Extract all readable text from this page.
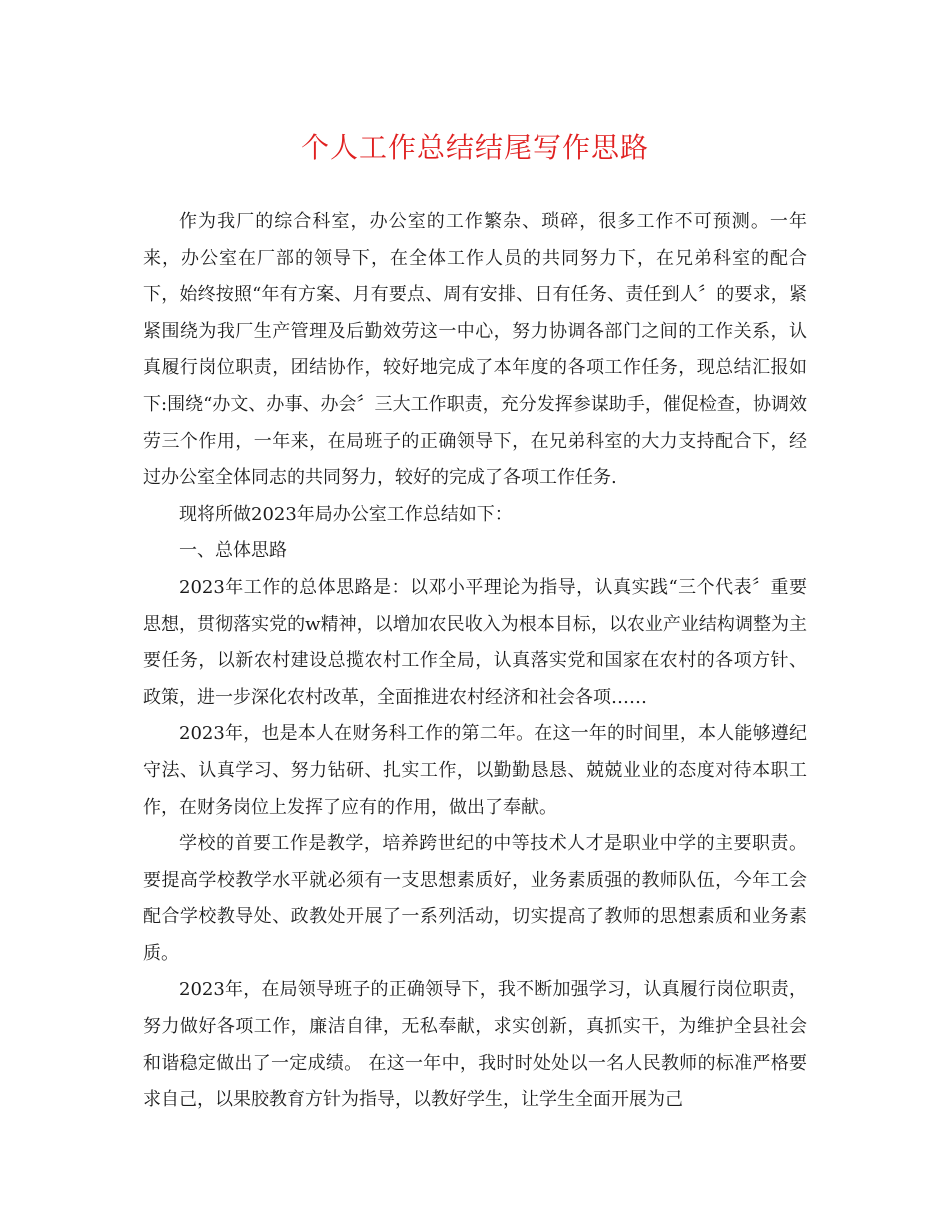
个人工作总结结尾写作思路

作为我厂的综合科室，办公室的工作繁杂、琐碎，很多工作不可预测。一年来，办公室在厂部的领导下，在全体工作人员的共同努力下，在兄弟科室的配合下，始终按照“年有方案、月有要点、周有安排、日有任务、责任到人〞的要求，紧紧围绕为我厂生产管理及后勤效劳这一中心，努力协调各部门之间的工作关系，认真履行岗位职责，团结协作，较好地完成了本年度的各项工作任务，现总结汇报如下:围绕“办文、办事、办会〞三大工作职责，充分发挥参谋助手，催促检查，协调效劳三个作用，一年来，在局班子的正确领导下，在兄弟科室的大力支持配合下，经过办公室全体同志的共同努力，较好的完成了各项工作任务.

现将所做2023年局办公室工作总结如下：

一、总体思路

2023年工作的总体思路是：以邓小平理论为指导，认真实践“三个代表〞重要思想，贯彻落实党的w精神，以增加农民收入为根本目标，以农业产业结构调整为主要任务，以新农村建设总揽农村工作全局，认真落实党和国家在农村的各项方针、政策，进一步深化农村改革，全面推进农村经济和社会各项……

2023年，也是本人在财务科工作的第二年。在这一年的时间里，本人能够遵纪守法、认真学习、努力钻研、扎实工作，以勤勤恳恳、兢兢业业的态度对待本职工作，在财务岗位上发挥了应有的作用，做出了奉献。

学校的首要工作是教学，培养跨世纪的中等技术人才是职业中学的主要职责。要提高学校教学水平就必须有一支思想素质好，业务素质强的教师队伍，今年工会配合学校教导处、政教处开展了一系列活动，切实提高了教师的思想素质和业务素质。

2023年，在局领导班子的正确领导下，我不断加强学习，认真履行岗位职责，努力做好各项工作，廉洁自律，无私奉献，求实创新，真抓实干，为维护全县社会和谐稳定做出了一定成绩。 在这一年中，我时时处处以一名人民教师的标准严格要求自己，以果胶教育方针为指导，以教好学生，让学生全面开展为己
